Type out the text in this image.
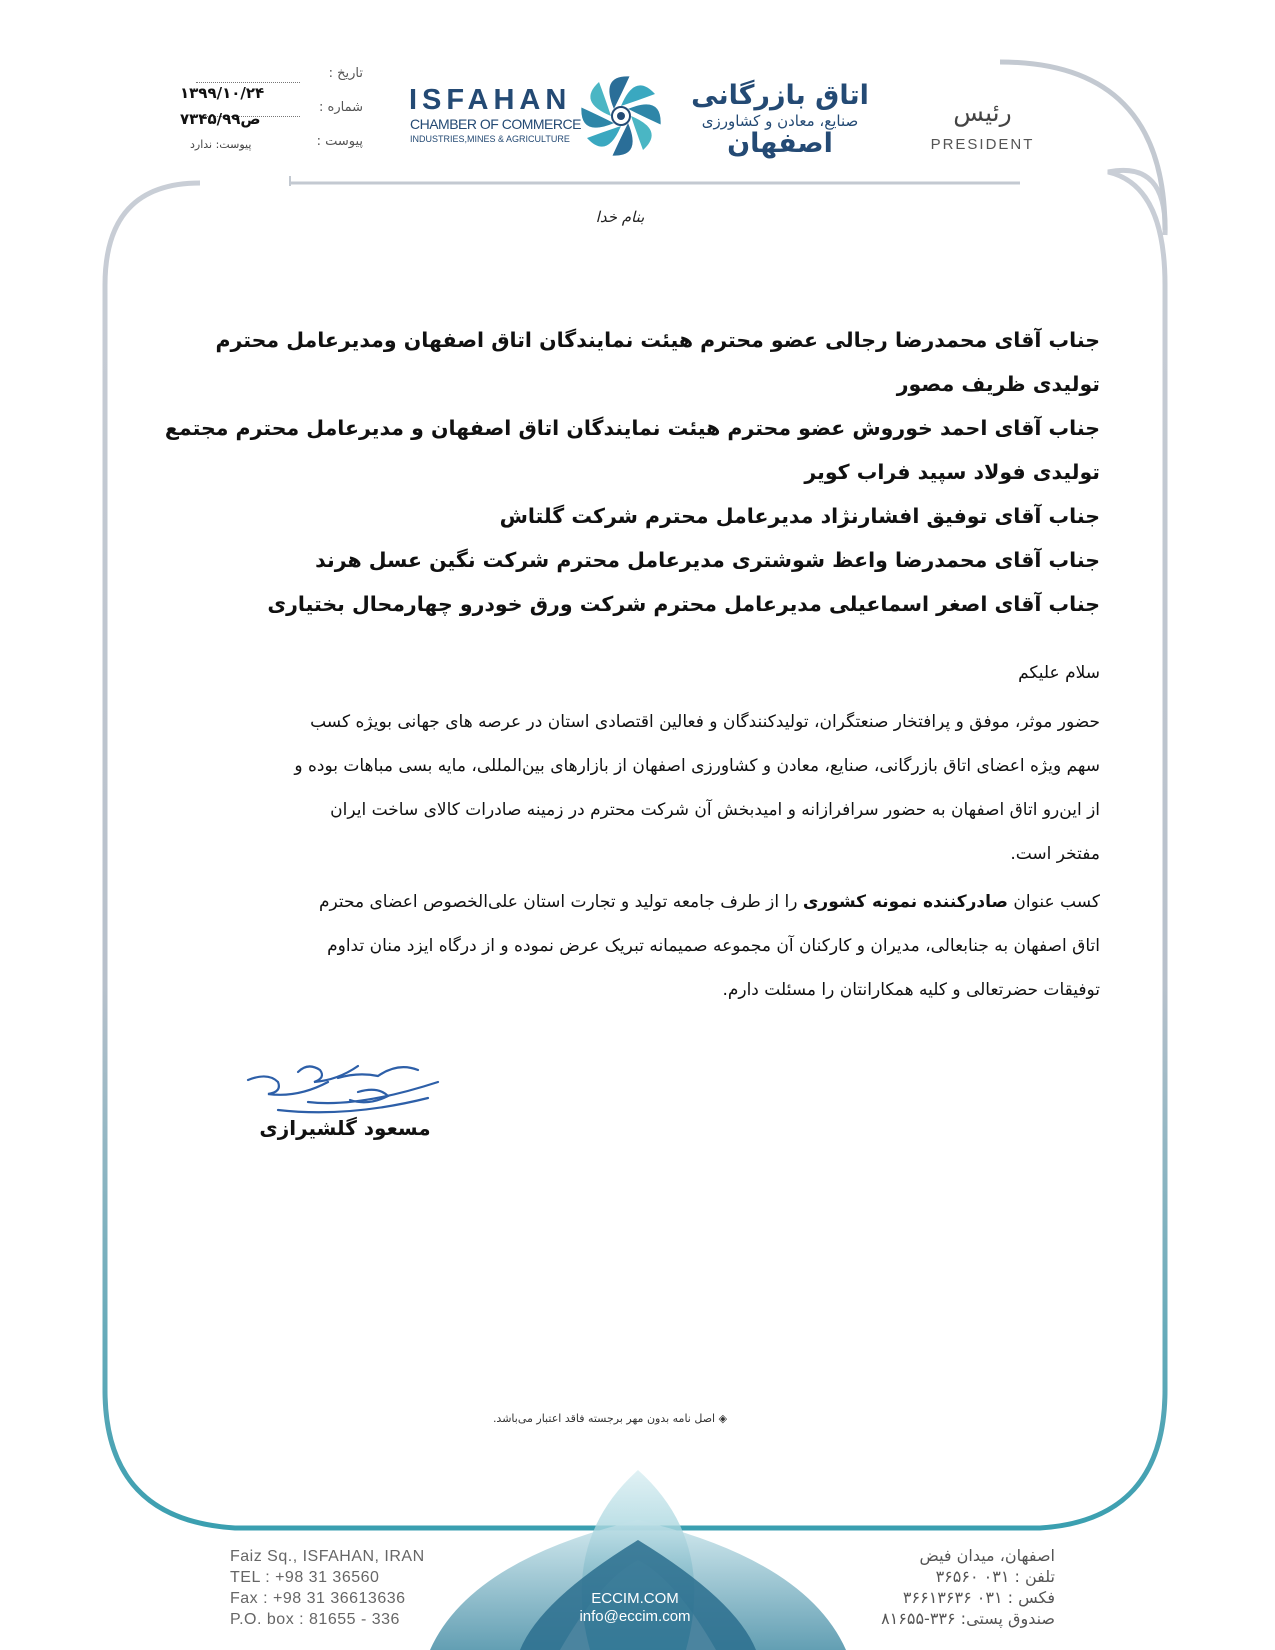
تاریخ :
۱۳۹۹/۱۰/۲۴
شماره :
۷۳۴۵/ص۹۹
پیوست :
پیوست: ندارد
ISFAHAN
CHAMBER OF COMMERCE
INDUSTRIES,MINES & AGRICULTURE
اتاق بازرگانی
صنایع، معادن و کشاورزی
اصفهان
رئیس
PRESIDENT
بنام خدا
جناب آقای محمدرضا رجالی عضو محترم هیئت نمایندگان اتاق اصفهان ومدیرعامل محترم
تولیدی ظریف مصور
جناب آقای احمد خوروش عضو محترم هیئت نمایندگان اتاق اصفهان و مدیرعامل محترم مجتمع
تولیدی فولاد سپید فراب کویر
جناب آقای توفیق افشارنژاد مدیرعامل محترم شرکت گلتاش
جناب آقای محمدرضا واعظ شوشتری مدیرعامل محترم شرکت نگین عسل هرند
جناب آقای اصغر اسماعیلی مدیرعامل محترم شرکت ورق خودرو چهارمحال بختیاری
سلام علیکم
حضور موثر، موفق و پرافتخار صنعتگران، تولیدکنندگان و فعالین اقتصادی استان در عرصه های جهانی بویژه کسب
سهم ویژه اعضای اتاق بازرگانی، صنایع، معادن و کشاورزی اصفهان از بازارهای بین‌المللی، مایه بسی مباهات بوده و
از این‌رو اتاق اصفهان به حضور سرافرازانه و امیدبخش آن شرکت محترم در زمینه صادرات کالای ساخت ایران
مفتخر است.
کسب عنوان صادرکننده نمونه کشوری را از طرف جامعه تولید و تجارت استان علی‌الخصوص اعضای محترم
اتاق اصفهان به جنابعالی، مدیران و کارکنان آن مجموعه صمیمانه تبریک عرض نموده و از درگاه ایزد منان تداوم
توفیقات حضرتعالی و کلیه همکارانتان را مسئلت دارم.
مسعود گلشیرازی
◈ اصل نامه بدون مهر برجسته فاقد اعتبار می‌باشد.
Faiz Sq., ISFAHAN, IRAN
TEL : +98 31 36560
Fax : +98 31 36613636
P.O. box : 81655 - 336
ECCIM.COM
info@eccim.com
اصفهان، میدان فیض
تلفن : ۰۳۱ ۳۶۵۶۰
فکس : ۰۳۱ ۳۶۶۱۳۶۳۶
صندوق پستی: ۳۳۶-۸۱۶۵۵
